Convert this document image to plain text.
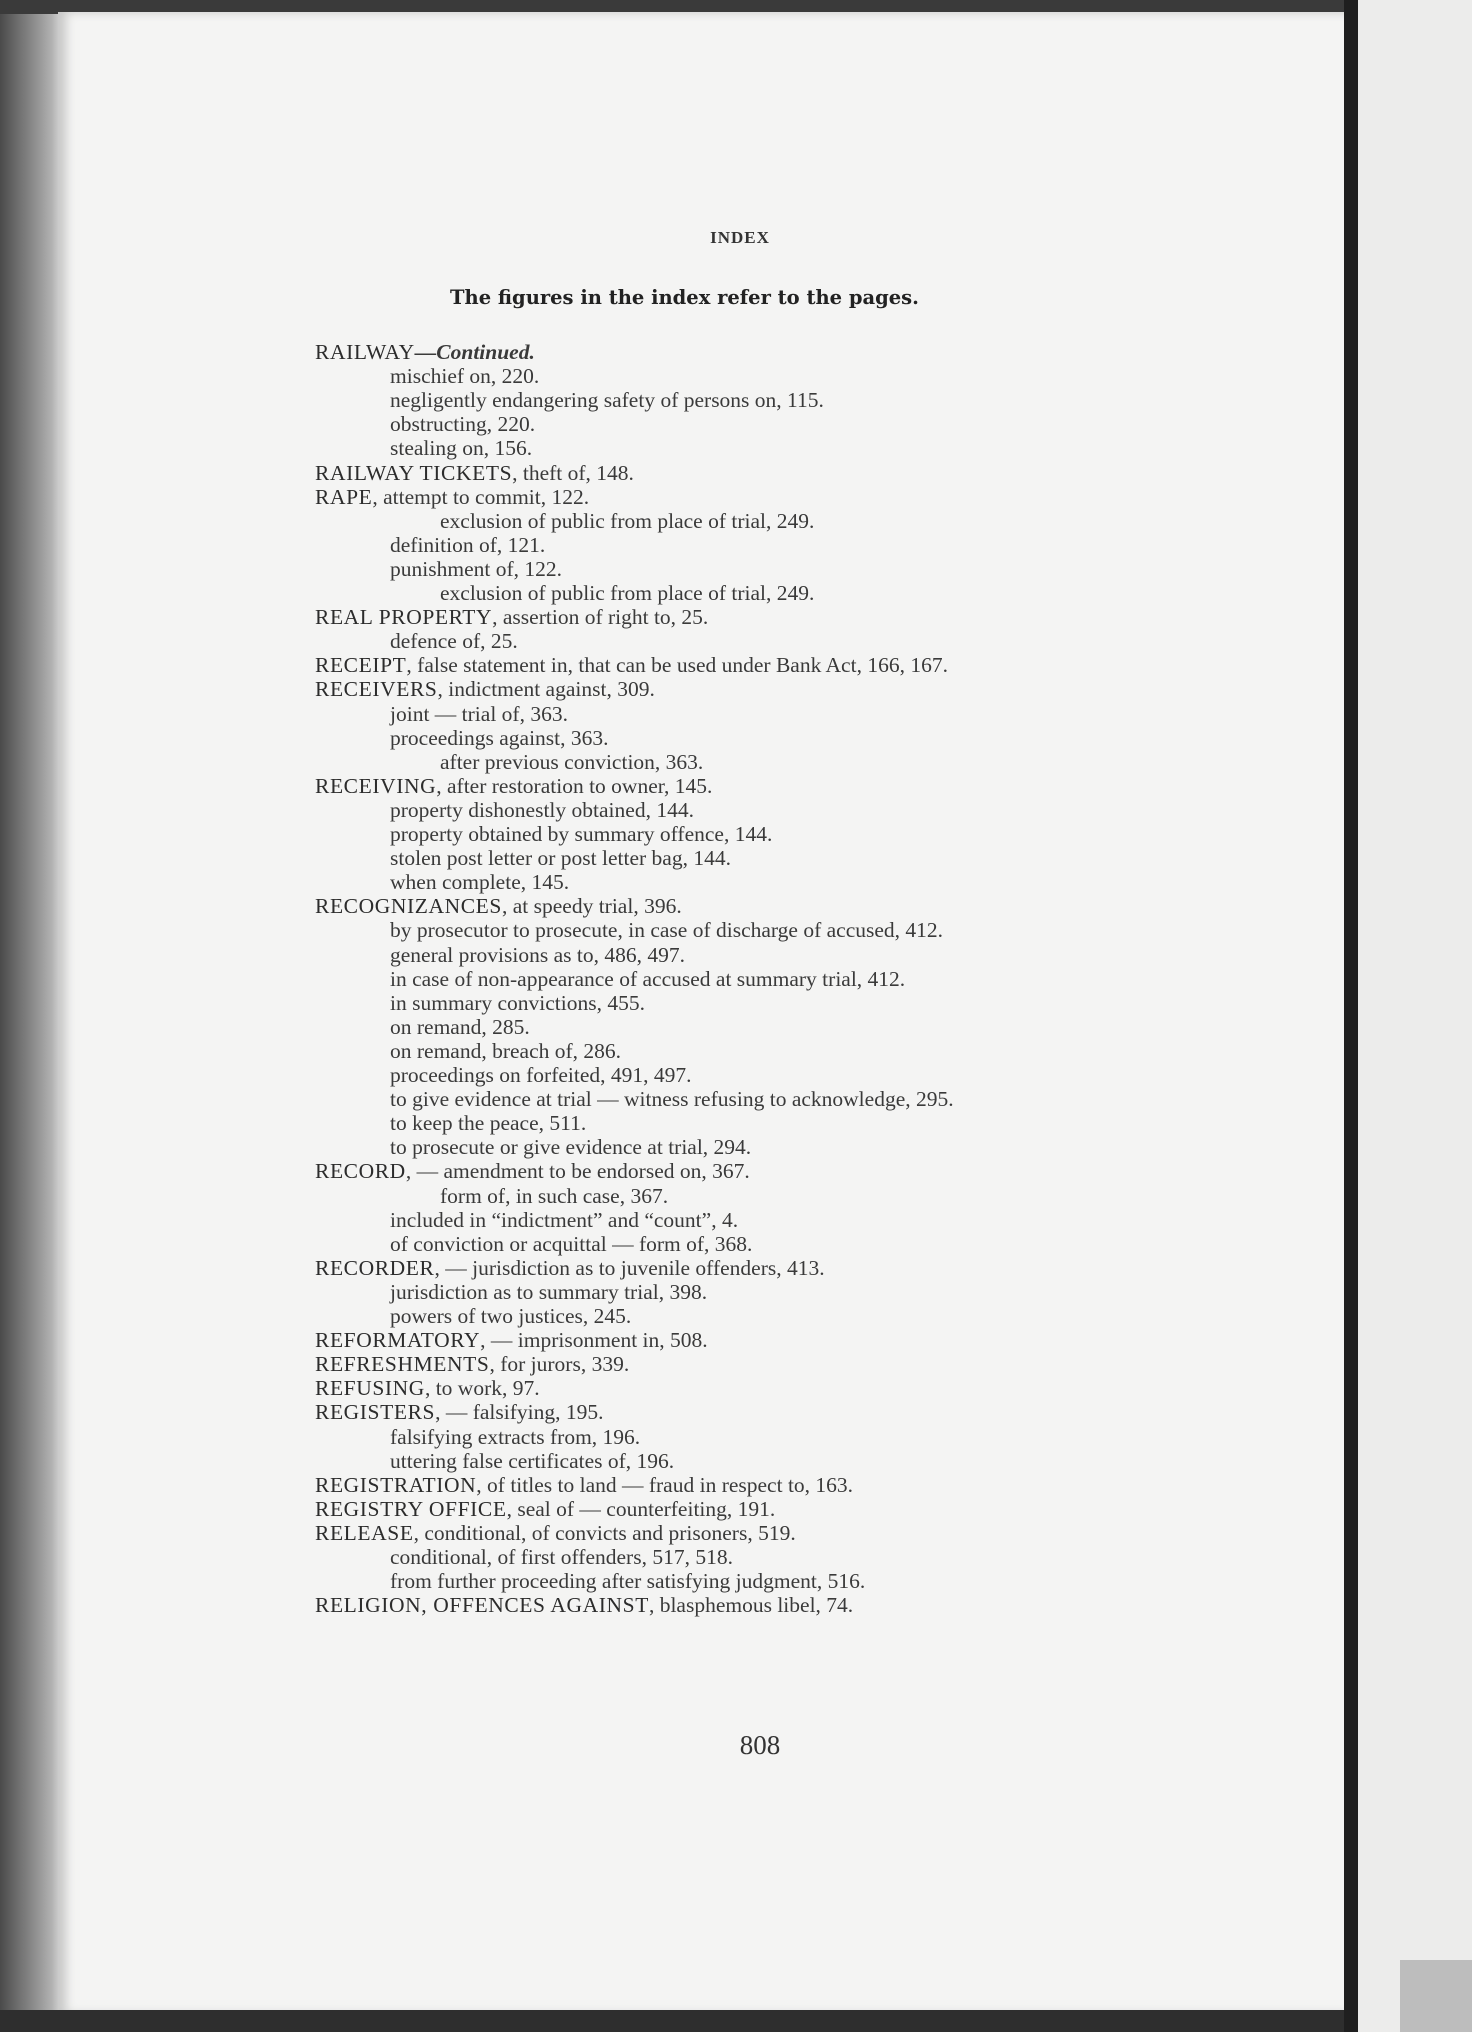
INDEX
The figures in the index refer to the pages.
RAILWAY—Continued.
mischief on, 220.
negligently endangering safety of persons on, 115.
obstructing, 220.
stealing on, 156.
RAILWAY TICKETS, theft of, 148.
RAPE, attempt to commit, 122.
exclusion of public from place of trial, 249.
definition of, 121.
punishment of, 122.
exclusion of public from place of trial, 249.
REAL PROPERTY, assertion of right to, 25.
defence of, 25.
RECEIPT, false statement in, that can be used under Bank Act, 166, 167.
RECEIVERS, indictment against, 309.
joint — trial of, 363.
proceedings against, 363.
after previous conviction, 363.
RECEIVING, after restoration to owner, 145.
property dishonestly obtained, 144.
property obtained by summary offence, 144.
stolen post letter or post letter bag, 144.
when complete, 145.
RECOGNIZANCES, at speedy trial, 396.
by prosecutor to prosecute, in case of discharge of accused, 412.
general provisions as to, 486, 497.
in case of non-appearance of accused at summary trial, 412.
in summary convictions, 455.
on remand, 285.
on remand, breach of, 286.
proceedings on forfeited, 491, 497.
to give evidence at trial — witness refusing to acknowledge, 295.
to keep the peace, 511.
to prosecute or give evidence at trial, 294.
RECORD, — amendment to be endorsed on, 367.
form of, in such case, 367.
included in “indictment” and “count”, 4.
of conviction or acquittal — form of, 368.
RECORDER, — jurisdiction as to juvenile offenders, 413.
jurisdiction as to summary trial, 398.
powers of two justices, 245.
REFORMATORY, — imprisonment in, 508.
REFRESHMENTS, for jurors, 339.
REFUSING, to work, 97.
REGISTERS, — falsifying, 195.
falsifying extracts from, 196.
uttering false certificates of, 196.
REGISTRATION, of titles to land — fraud in respect to, 163.
REGISTRY OFFICE, seal of — counterfeiting, 191.
RELEASE, conditional, of convicts and prisoners, 519.
conditional, of first offenders, 517, 518.
from further proceeding after satisfying judgment, 516.
RELIGION, OFFENCES AGAINST, blasphemous libel, 74.
808
